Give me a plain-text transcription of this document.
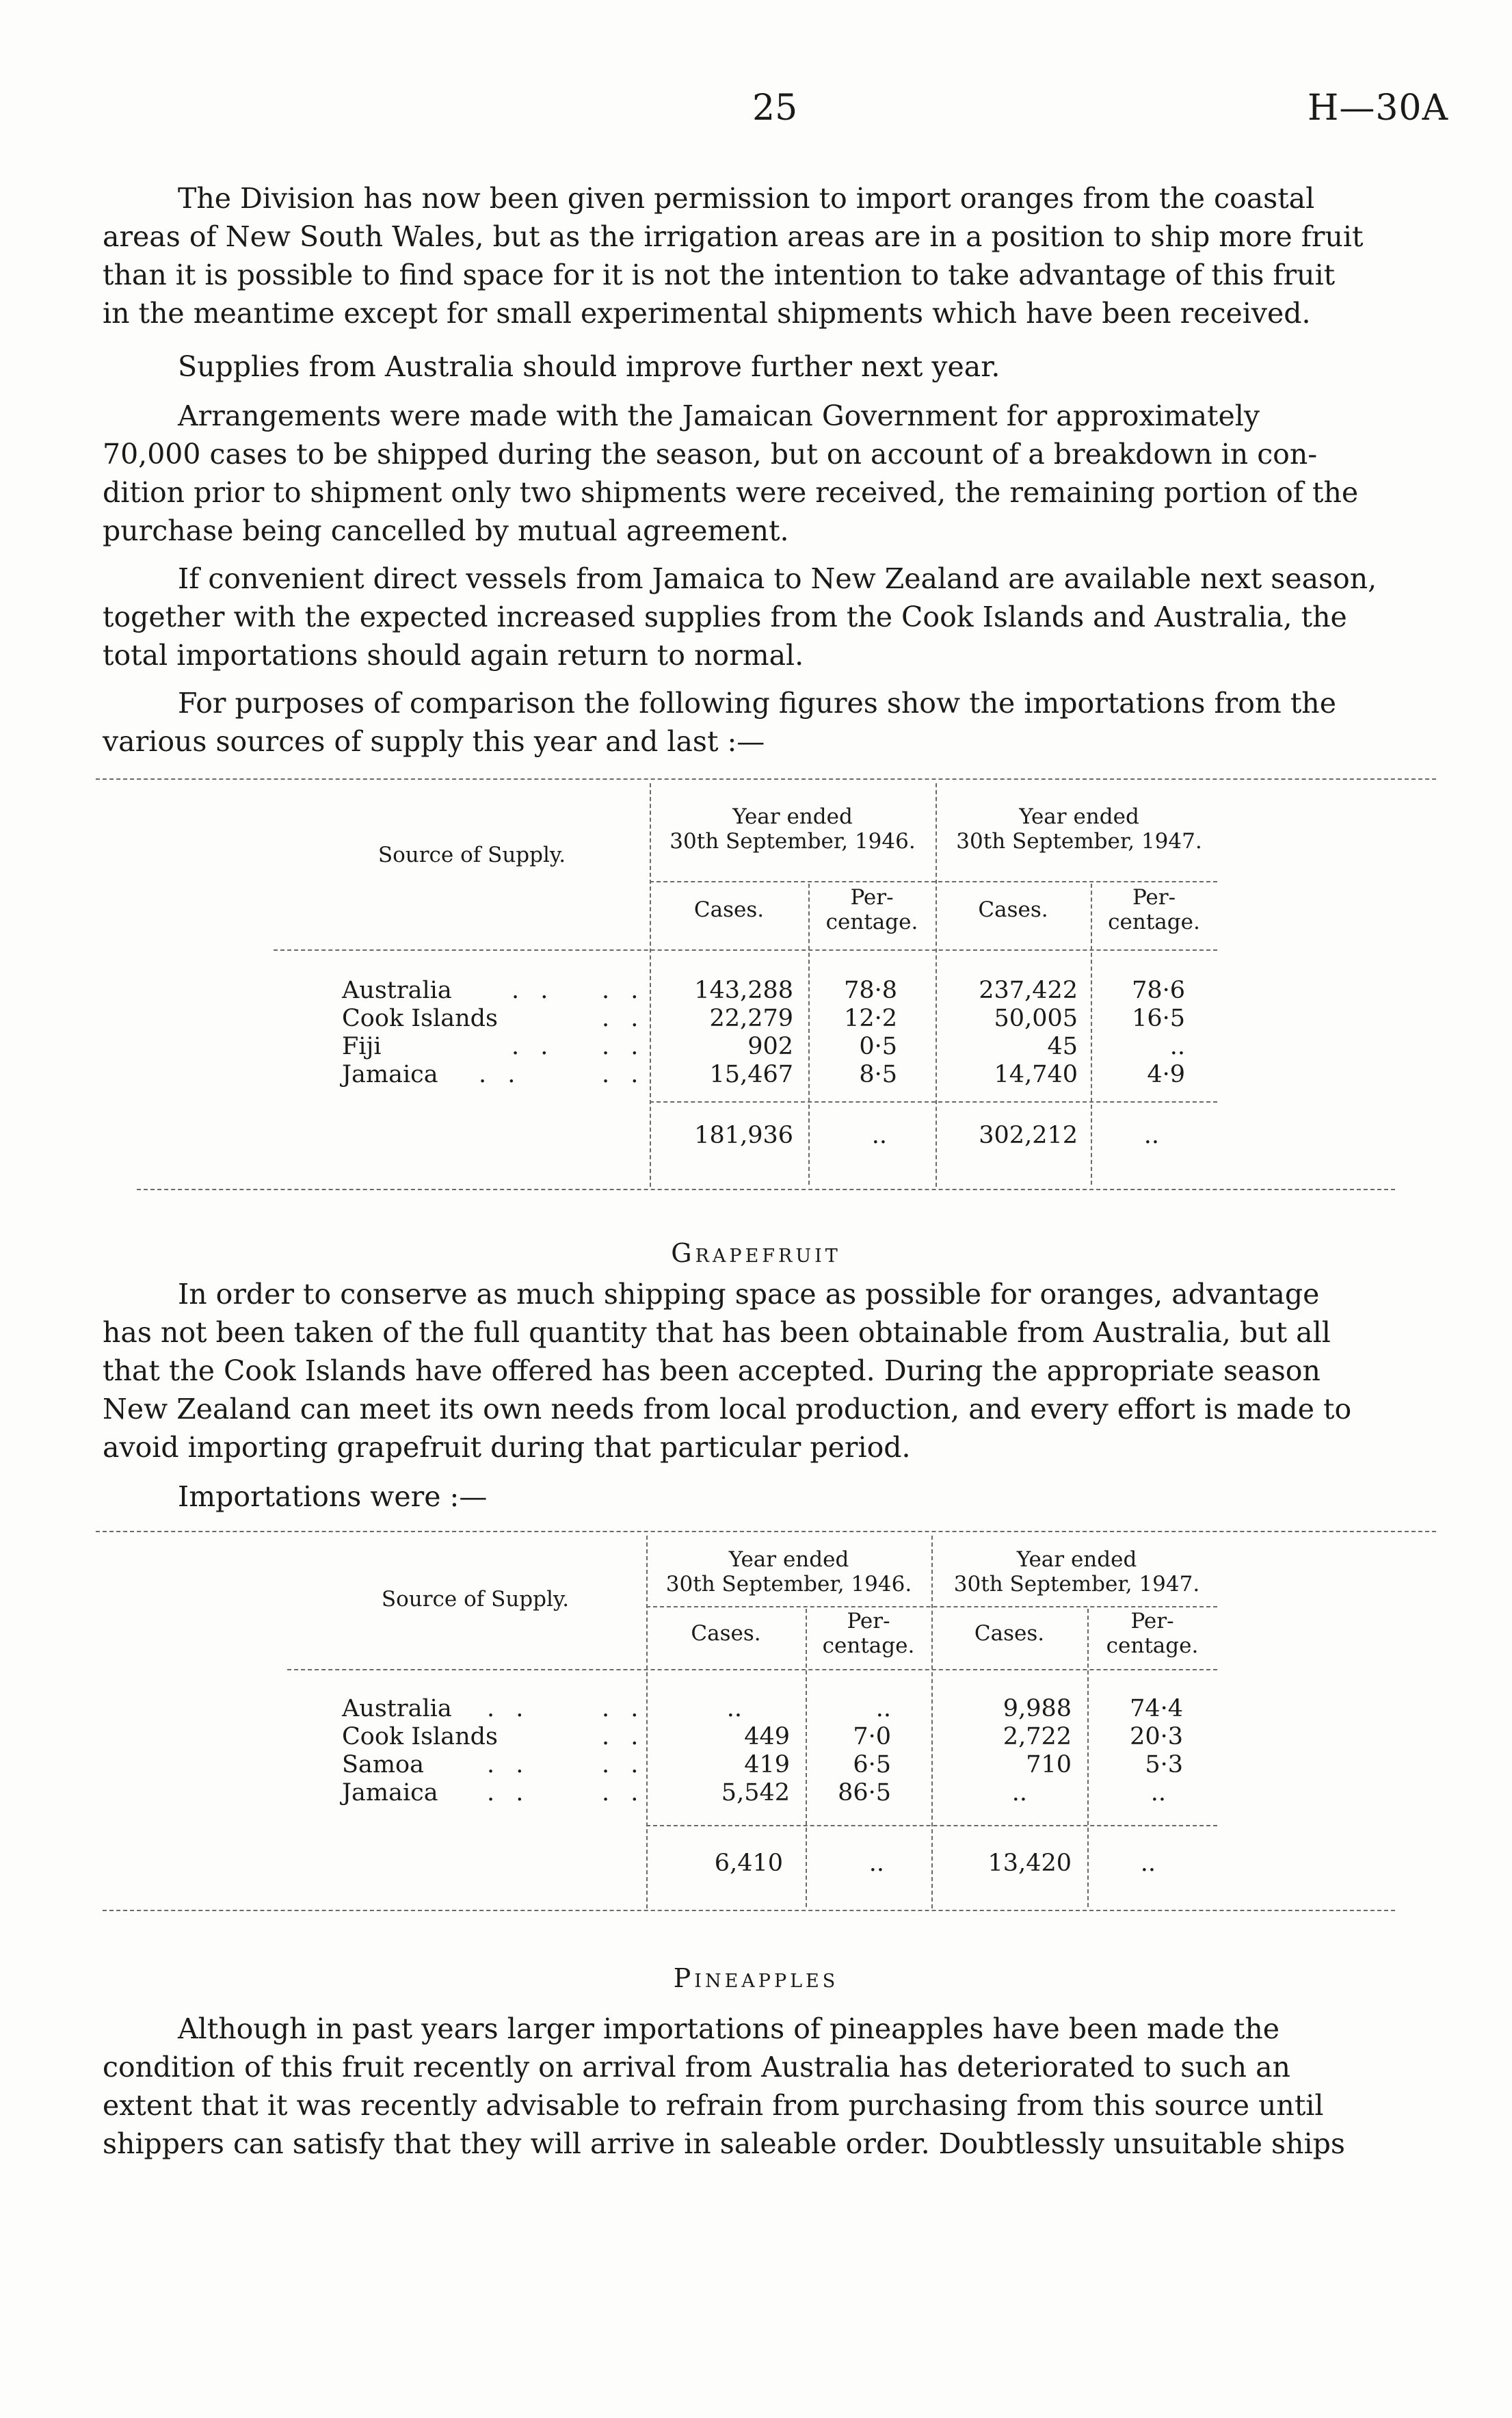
25	H—30A
The Division has now been given permission to import oranges from the coastal
areas of New South Wales, but as the irrigation areas are in a position to ship more fruit
than it is possible to find space for it is not the intention to take advantage of this fruit
in the meantime except for small experimental shipments which have been received.
Supplies from Australia should improve further next year.
Arrangements were made with the Jamaican Government for approximately
70,000 cases to be shipped during the season, but on account of a breakdown in con-
dition prior to shipment only two shipments were received, the remaining portion of the
purchase being cancelled by mutual agreement.
If convenient direct vessels from Jamaica to New Zealand are available next season,
together with the expected increased supplies from the Cook Islands and Australia, the
total importations should again return to normal.
For purposes of comparison the following figures show the importations from the
various sources of supply this year and last :—
Source of Supply.
Year ended
30th September, 1946.
Year ended
30th September, 1947.
Cases.	Per-
centage.	Cases.	Per-
centage.
Australia . . . .	143,288	78·8	237,422	78·6
Cook Islands	. .	22,279	12·2	50,005	16·5
Fiji	. . . .	902	0·5	45	..
Jamaica . .	. .	15,467	8·5	14,740	4·9
181,936	..	302,212	..
Grapefruit
In order to conserve as much shipping space as possible for oranges, advantage
has not been taken of the full quantity that has been obtainable from Australia, but all
that the Cook Islands have offered has been accepted. During the appropriate season
New Zealand can meet its own needs from local production, and every effort is made to
avoid importing grapefruit during that particular period.
Importations were :—
Source of Supply.
Year ended
30th September, 1946.
Year ended
30th September, 1947.
Cases.	Per-
centage.	Cases.	Per-
centage.
Australia . .	. .	..	..	9,988	74·4
Cook Islands	. .	449	7·0	2,722	20·3
Samoa	. .	. .	419	6·5	710	5·3
Jamaica . .	. .	5,542	86·5	..	..
6,410	..	13,420	..
Pineapples
Although in past years larger importations of pineapples have been made the
condition of this fruit recently on arrival from Australia has deteriorated to such an
extent that it was recently advisable to refrain from purchasing from this source until
shippers can satisfy that they will arrive in saleable order. Doubtlessly unsuitable ships
